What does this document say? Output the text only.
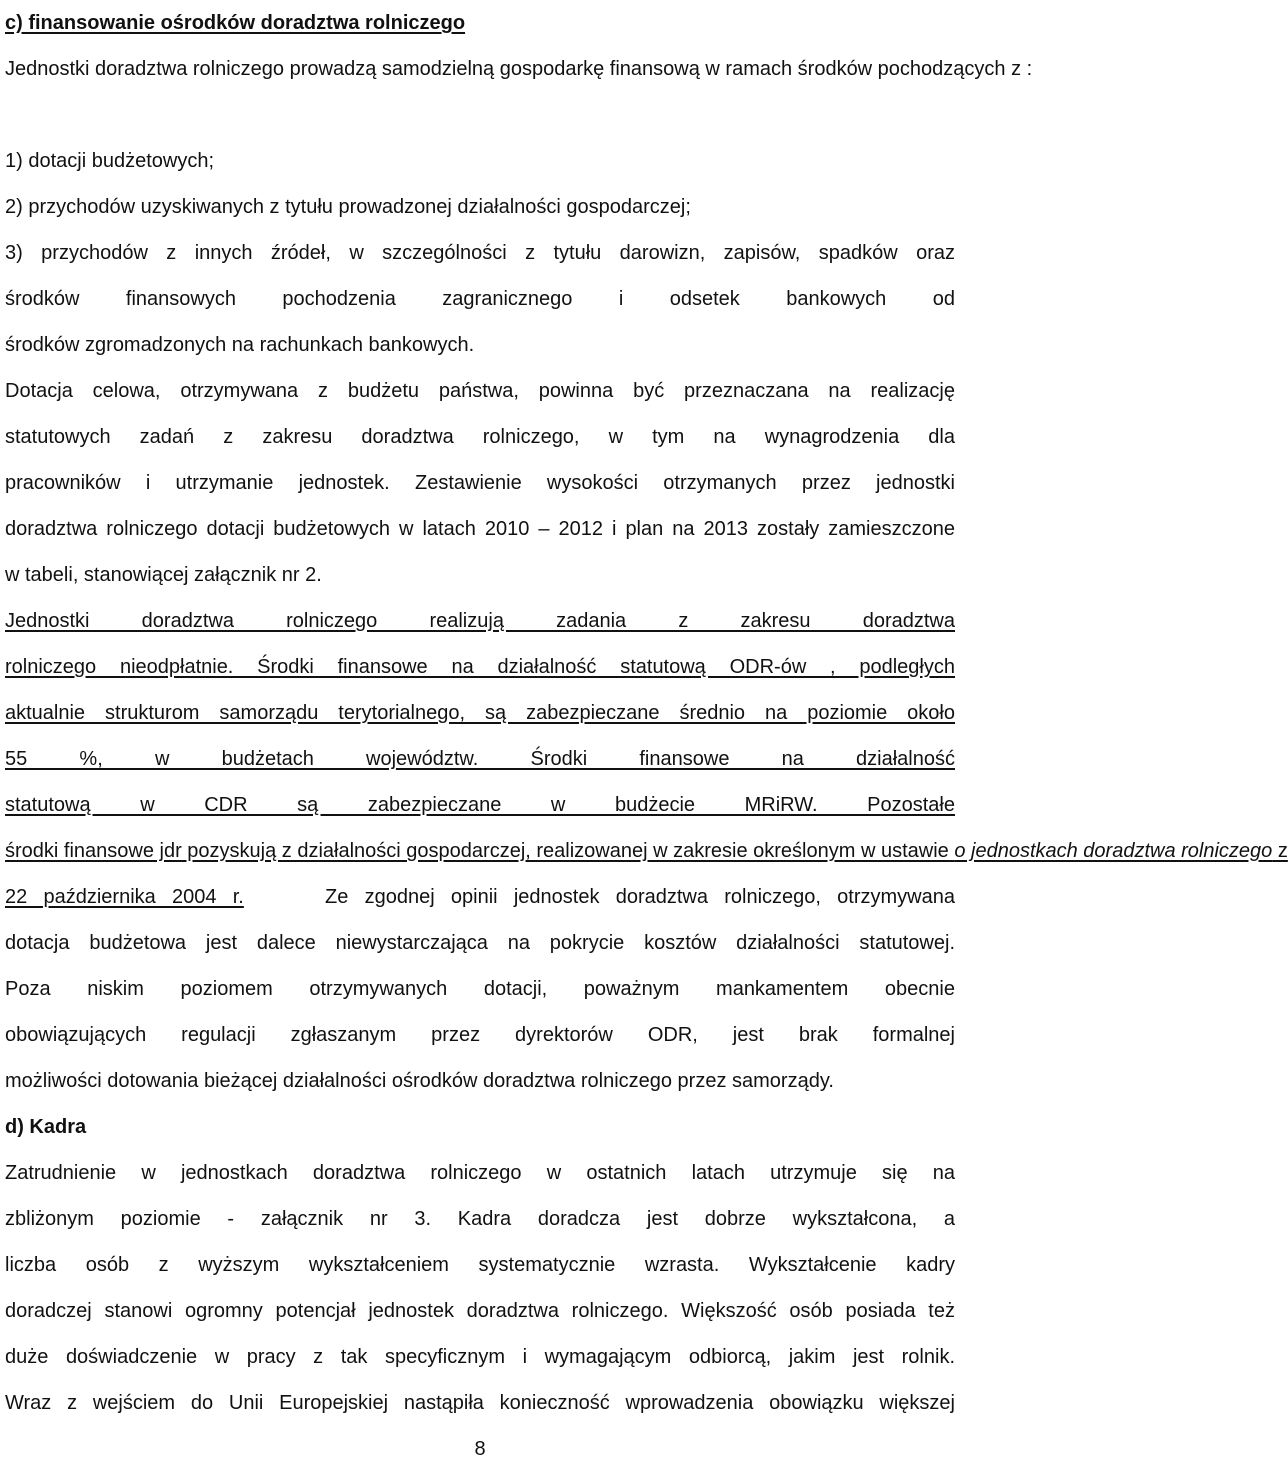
c) finansowanie ośrodków doradztwa rolniczego
Jednostki doradztwa rolniczego prowadzą samodzielną gospodarkę finansową w ramach środków pochodzących z :
1) dotacji budżetowych;
2) przychodów uzyskiwanych z tytułu prowadzonej działalności gospodarczej;
3) przychodów z innych źródeł, w szczególności z tytułu darowizn, zapisów, spadków oraz
środków finansowych pochodzenia zagranicznego i odsetek bankowych od
środków zgromadzonych na rachunkach bankowych.
Dotacja celowa, otrzymywana z budżetu państwa, powinna być przeznaczana na realizację
statutowych zadań z zakresu doradztwa rolniczego, w tym na wynagrodzenia dla
pracowników i utrzymanie jednostek. Zestawienie wysokości otrzymanych przez jednostki
doradztwa rolniczego dotacji budżetowych w latach 2010 – 2012 i plan na 2013 zostały zamieszczone
w tabeli, stanowiącej załącznik nr 2.
Jednostki doradztwa rolniczego realizują zadania z zakresu doradztwa
rolniczego nieodpłatnie. Środki finansowe na działalność statutową ODR-ów , podległych
aktualnie strukturom samorządu terytorialnego, są zabezpieczane średnio na poziomie około
55 %, w budżetach województw. Środki finansowe na działalność
statutową w CDR są zabezpieczane w budżecie MRiRW. Pozostałe
środki finansowe jdr pozyskują z działalności gospodarczej, realizowanej w zakresie określonym w ustawie o jednostkach doradztwa rolniczego z
22 października 2004 r.	Ze zgodnej opinii jednostek doradztwa rolniczego, otrzymywana
dotacja budżetowa jest dalece niewystarczająca na pokrycie kosztów działalności statutowej.
Poza niskim poziomem otrzymywanych dotacji, poważnym mankamentem obecnie
obowiązujących regulacji zgłaszanym przez dyrektorów ODR, jest brak formalnej
możliwości dotowania bieżącej działalności ośrodków doradztwa rolniczego przez samorządy.
d) Kadra
Zatrudnienie w jednostkach doradztwa rolniczego w ostatnich latach utrzymuje się na
zbliżonym poziomie - załącznik nr 3. Kadra doradcza jest dobrze wykształcona, a
liczba osób z wyższym wykształceniem systematycznie wzrasta. Wykształcenie kadry
doradczej stanowi ogromny potencjał jednostek doradztwa rolniczego. Większość osób posiada też
duże doświadczenie w pracy z tak specyficznym i wymagającym odbiorcą, jakim jest rolnik.
Wraz z wejściem do Unii Europejskiej nastąpiła konieczność wprowadzenia obowiązku większej
8
